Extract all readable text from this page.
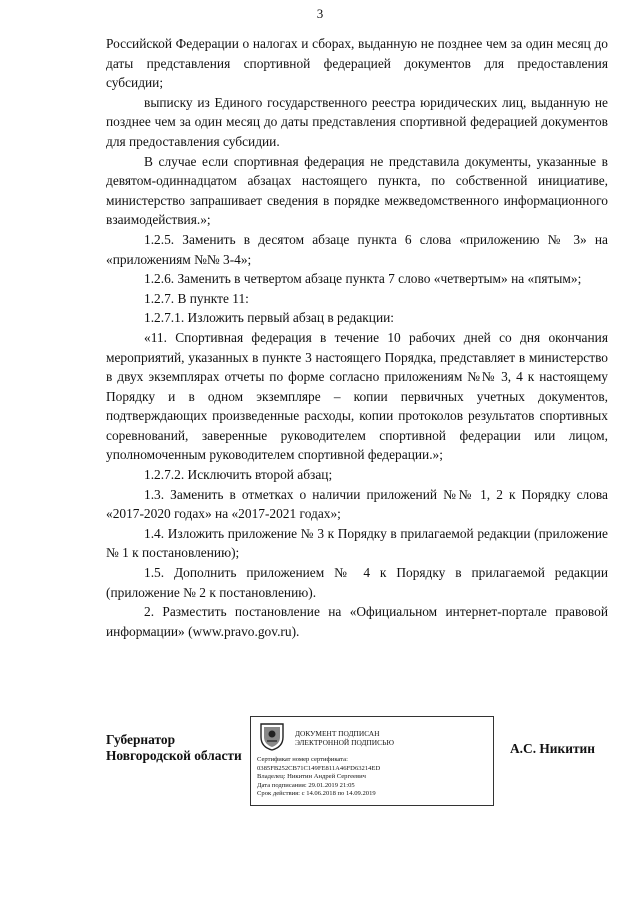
3

Российской Федерации о налогах и сборах, выданную не позднее чем за один месяц до даты представления спортивной федерацией документов для предоставления субсидии;

выписку из Единого государственного реестра юридических лиц, выданную не позднее чем за один месяц до даты представления спортивной федерацией документов для предоставления субсидии.

В случае если спортивная федерация не представила документы, указанные в девятом-одиннадцатом абзацах настоящего пункта, по собственной инициативе, министерство запрашивает сведения в порядке межведомственного информационного взаимодействия.»;

1.2.5. Заменить в десятом абзаце пункта 6 слова «приложению № 3» на «приложениям №№ 3-4»;

1.2.6. Заменить в четвертом абзаце пункта 7 слово «четвертым» на «пятым»;

1.2.7. В пункте 11:

1.2.7.1. Изложить первый абзац в редакции:

«11. Спортивная федерация в течение 10 рабочих дней со дня окончания мероприятий, указанных в пункте 3 настоящего Порядка, представляет в министерство в двух экземплярах отчеты по форме согласно приложениям №№ 3, 4 к настоящему Порядку и в одном экземпляре – копии первичных учетных документов, подтверждающих произведенные расходы, копии протоколов результатов спортивных соревнований, заверенные руководителем спортивной федерации или лицом, уполномоченным руководителем спортивной федерации.»;

1.2.7.2. Исключить второй абзац;

1.3. Заменить в отметках о наличии приложений №№ 1, 2 к Порядку слова «2017-2020 годах» на «2017-2021 годах»;

1.4. Изложить приложение № 3 к Порядку в прилагаемой редакции (приложение № 1 к постановлению);

1.5. Дополнить приложением № 4 к Порядку в прилагаемой редакции (приложение № 2 к постановлению).

2. Разместить постановление на «Официальном интернет-портале правовой информации» (www.pravo.gov.ru).

Губернатор
Новгородской области
ДОКУМЕНТ ПОДПИСАН
ЭЛЕКТРОННОЙ ПОДПИСЬЮ
Сертификат номер сертификата:
0385FB252CB71C149FE811A46FD63214ED
Владелец: Никитин Андрей Сергеевич
Дата подписания: 29.01.2019 21:05
Срок действия: с 14.06.2018 по 14.09.2019
А.С. Никитин
